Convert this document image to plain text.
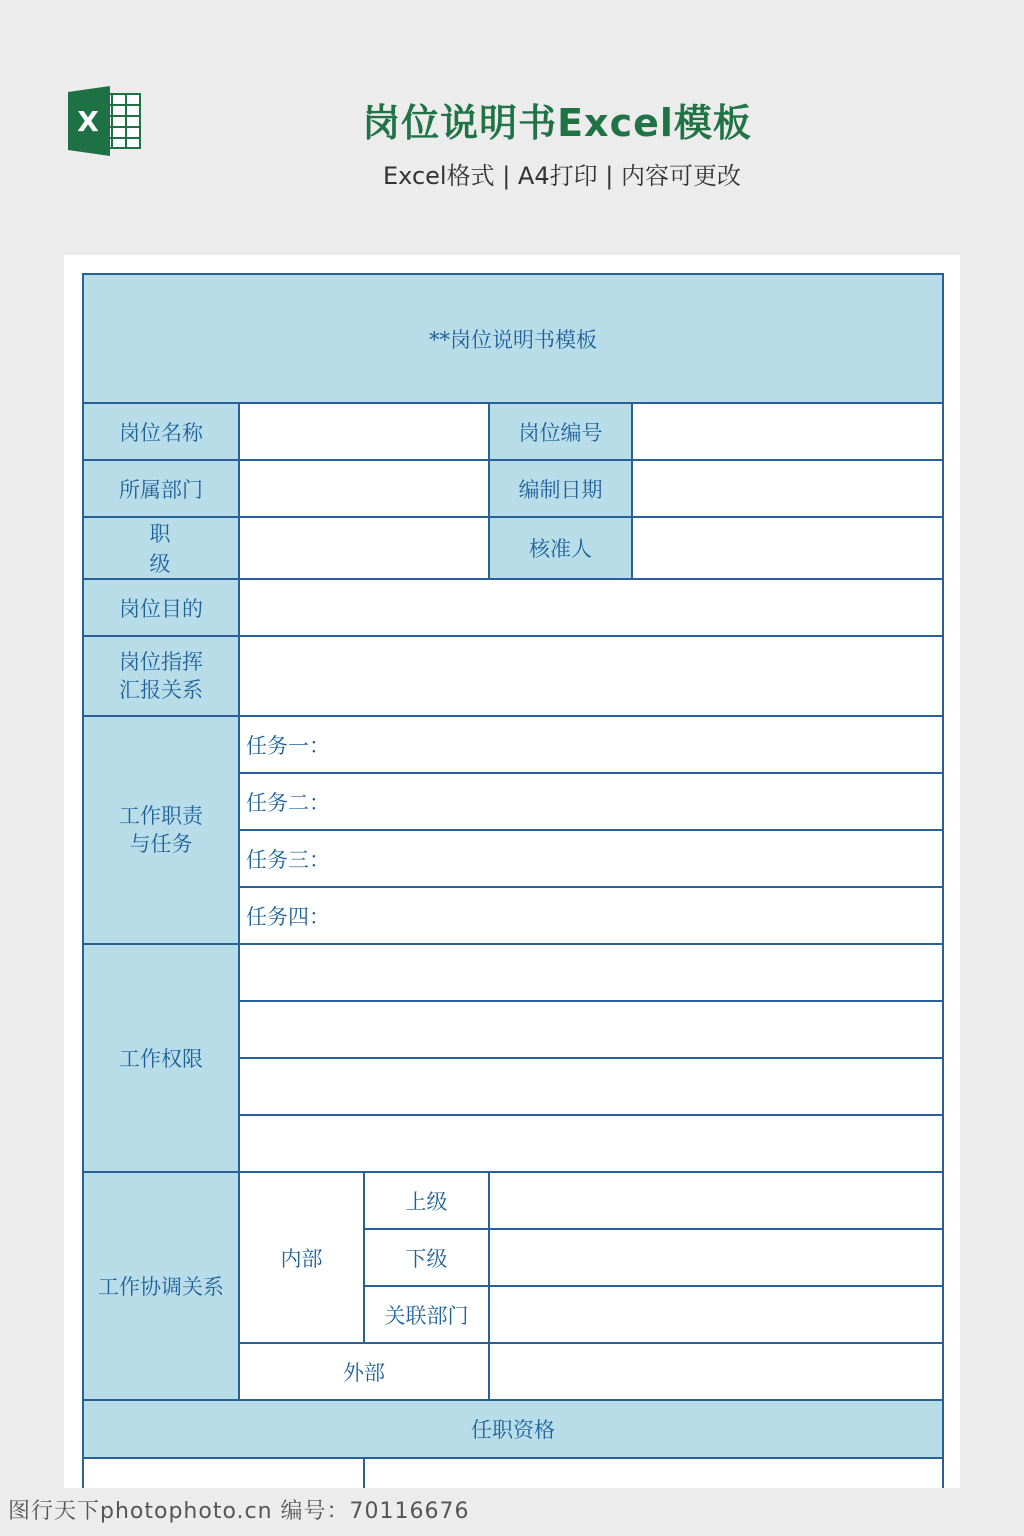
X	岗位说明书Excel模板
Excel格式 | A4打印 | 内容可更改
**岗位说明书模板				
岗位名称			岗位编号	
所属部门			编制日期	
职 级			核准人	
岗位目的				

岗位指挥
汇报关系				

工作职责
与任务	任务一：			
	任务二：			
	任务三：			
	任务四：			
工作权限				

工作协调关系	内部	上级		
		下级		
		关联部门		
	外部			
任职资格				

图行天下photophoto.cn 编号：70116676
